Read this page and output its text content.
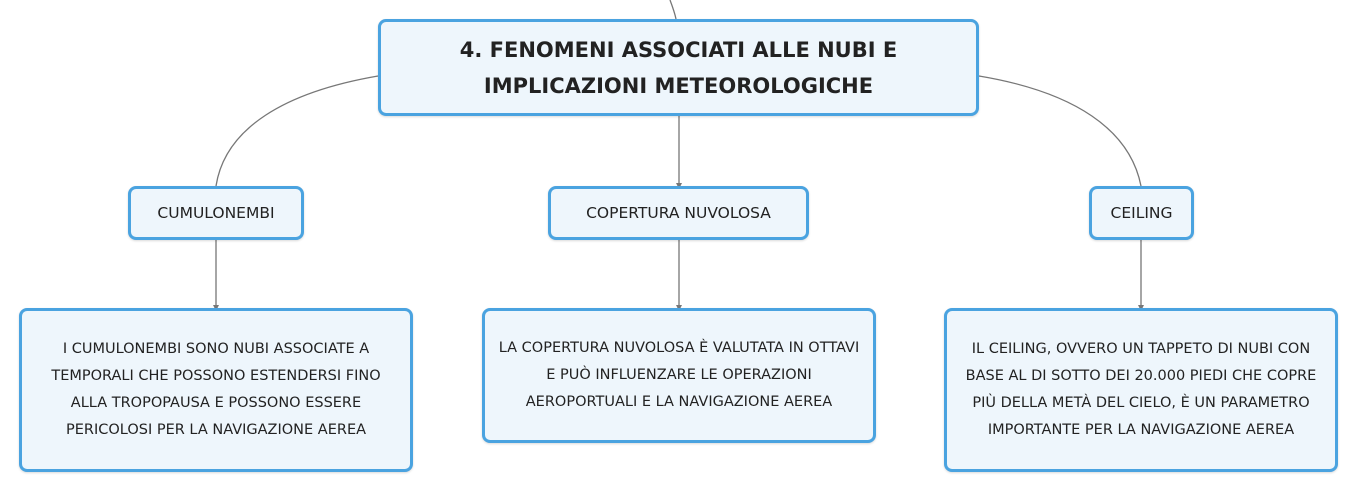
4. FENOMENI ASSOCIATI ALLE NUBI E IMPLICAZIONI METEOROLOGICHE
CUMULONEMBI	COPERTURA NUVOLOSA	CEILING
I CUMULONEMBI SONO NUBI ASSOCIATE A TEMPORALI CHE POSSONO ESTENDERSI FINO ALLA TROPOPAUSA E POSSONO ESSERE PERICOLOSI PER LA NAVIGAZIONE AEREA
LA COPERTURA NUVOLOSA È VALUTATA IN OTTAVI E PUÒ INFLUENZARE LE OPERAZIONI AEROPORTUALI E LA NAVIGAZIONE AEREA
IL CEILING, OVVERO UN TAPPETO DI NUBI CON BASE AL DI SOTTO DEI 20.000 PIEDI CHE COPRE PIÙ DELLA METÀ DEL CIELO, È UN PARAMETRO IMPORTANTE PER LA NAVIGAZIONE AEREA
